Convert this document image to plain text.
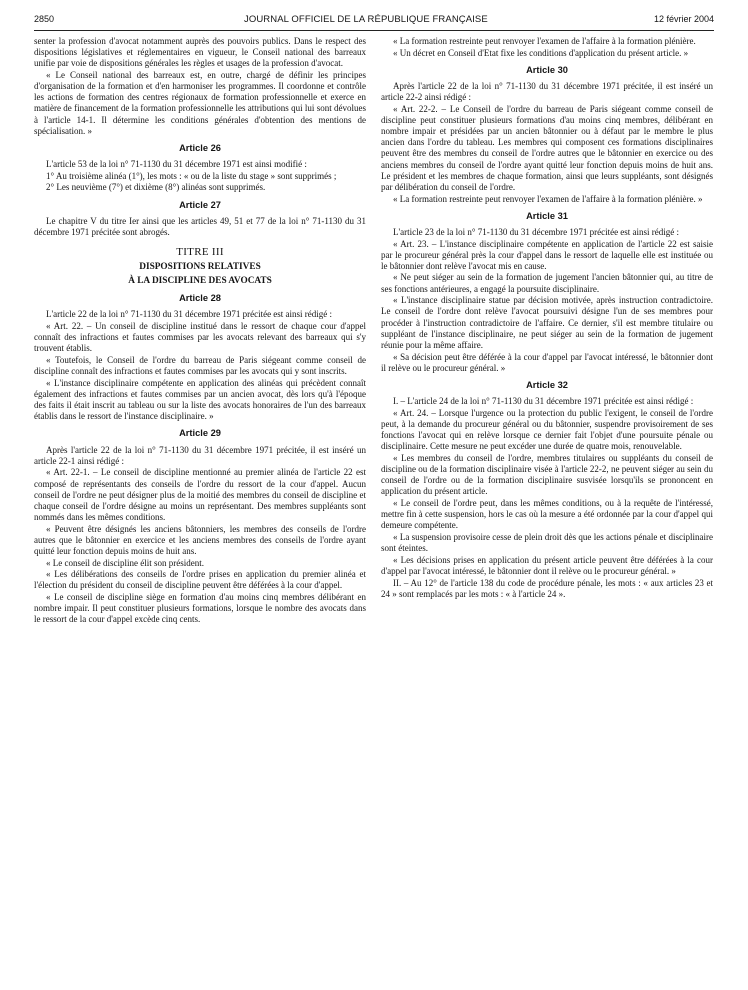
2850	JOURNAL OFFICIEL DE LA RÉPUBLIQUE FRANÇAISE	12 février 2004

senter la profession d'avocat notamment auprès des pouvoirs publics. Dans le respect des dispositions législatives et réglementaires en vigueur, le Conseil national des barreaux unifie par voie de dispositions générales les règles et usages de la profession d'avocat.

« Le Conseil national des barreaux est, en outre, chargé de définir les principes d'organisation de la formation et d'en harmoniser les programmes. Il coordonne et contrôle les actions de formation des centres régionaux de formation professionnelle et exerce en matière de financement de la formation professionnelle les attributions qui lui sont dévolues à l'article 14-1. Il détermine les conditions générales d'obtention des mentions de spécialisation. »

Article 26

L'article 53 de la loi n° 71-1130 du 31 décembre 1971 est ainsi modifié :

1° Au troisième alinéa (1°), les mots : « ou de la liste du stage » sont supprimés ;

2° Les neuvième (7°) et dixième (8°) alinéas sont supprimés.

Article 27

Le chapitre V du titre Ier ainsi que les articles 49, 51 et 77 de la loi n° 71-1130 du 31 décembre 1971 précitée sont abrogés.

TITRE III
DISPOSITIONS RELATIVES
À LA DISCIPLINE DES AVOCATS
Article 28

L'article 22 de la loi n° 71-1130 du 31 décembre 1971 précitée est ainsi rédigé :

« Art. 22. – Un conseil de discipline institué dans le ressort de chaque cour d'appel connaît des infractions et fautes commises par les avocats relevant des barreaux qui s'y trouvent établis.

« Toutefois, le Conseil de l'ordre du barreau de Paris siégeant comme conseil de discipline connaît des infractions et fautes commises par les avocats qui y sont inscrits.

« L'instance disciplinaire compétente en application des alinéas qui précèdent connaît également des infractions et fautes commises par un ancien avocat, dès lors qu'à l'époque des faits il était inscrit au tableau ou sur la liste des avocats honoraires de l'un des barreaux établis dans le ressort de l'instance disciplinaire. »

Article 29

Après l'article 22 de la loi n° 71-1130 du 31 décembre 1971 précitée, il est inséré un article 22-1 ainsi rédigé :

« Art. 22-1. – Le conseil de discipline mentionné au premier alinéa de l'article 22 est composé de représentants des conseils de l'ordre du ressort de la cour d'appel. Aucun conseil de l'ordre ne peut désigner plus de la moitié des membres du conseil de discipline et chaque conseil de l'ordre désigne au moins un représentant. Des membres suppléants sont nommés dans les mêmes conditions.

« Peuvent être désignés les anciens bâtonniers, les membres des conseils de l'ordre autres que le bâtonnier en exercice et les anciens membres des conseils de l'ordre ayant quitté leur fonction depuis moins de huit ans.

« Le conseil de discipline élit son président.

« Les délibérations des conseils de l'ordre prises en application du premier alinéa et l'élection du président du conseil de discipline peuvent être déférées à la cour d'appel.

« Le conseil de discipline siège en formation d'au moins cinq membres délibérant en nombre impair. Il peut constituer plusieurs formations, lorsque le nombre des avocats dans le ressort de la cour d'appel excède cinq cents.

« La formation restreinte peut renvoyer l'examen de l'affaire à la formation plénière.

« Un décret en Conseil d'Etat fixe les conditions d'application du présent article. »

Article 30

Après l'article 22 de la loi n° 71-1130 du 31 décembre 1971 précitée, il est inséré un article 22-2 ainsi rédigé :

« Art. 22-2. – Le Conseil de l'ordre du barreau de Paris siégeant comme conseil de discipline peut constituer plusieurs formations d'au moins cinq membres, délibérant en nombre impair et présidées par un ancien bâtonnier ou à défaut par le membre le plus ancien dans l'ordre du tableau. Les membres qui composent ces formations disciplinaires peuvent être des membres du conseil de l'ordre autres que le bâtonnier en exercice ou des anciens membres du conseil de l'ordre ayant quitté leur fonction depuis moins de huit ans. Le président et les membres de chaque formation, ainsi que leurs suppléants, sont désignés par délibération du conseil de l'ordre.

« La formation restreinte peut renvoyer l'examen de l'affaire à la formation plénière. »

Article 31

L'article 23 de la loi n° 71-1130 du 31 décembre 1971 précitée est ainsi rédigé :

« Art. 23. – L'instance disciplinaire compétente en application de l'article 22 est saisie par le procureur général près la cour d'appel dans le ressort de laquelle elle est instituée ou le bâtonnier dont relève l'avocat mis en cause.

« Ne peut siéger au sein de la formation de jugement l'ancien bâtonnier qui, au titre de ses fonctions antérieures, a engagé la poursuite disciplinaire.

« L'instance disciplinaire statue par décision motivée, après instruction contradictoire. Le conseil de l'ordre dont relève l'avocat poursuivi désigne l'un de ses membres pour procéder à l'instruction contradictoire de l'affaire. Ce dernier, s'il est membre titulaire ou suppléant de l'instance disciplinaire, ne peut siéger au sein de la formation de jugement réunie pour la même affaire.

« Sa décision peut être déférée à la cour d'appel par l'avocat intéressé, le bâtonnier dont il relève ou le procureur général. »

Article 32

I. – L'article 24 de la loi n° 71-1130 du 31 décembre 1971 précitée est ainsi rédigé :

« Art. 24. – Lorsque l'urgence ou la protection du public l'exigent, le conseil de l'ordre peut, à la demande du procureur général ou du bâtonnier, suspendre provisoirement de ses fonctions l'avocat qui en relève lorsque ce dernier fait l'objet d'une poursuite pénale ou disciplinaire. Cette mesure ne peut excéder une durée de quatre mois, renouvelable.

« Les membres du conseil de l'ordre, membres titulaires ou suppléants du conseil de discipline ou de la formation disciplinaire visée à l'article 22-2, ne peuvent siéger au sein du conseil de l'ordre ou de la formation disciplinaire susvisée lorsqu'ils se prononcent en application du présent article.

« Le conseil de l'ordre peut, dans les mêmes conditions, ou à la requête de l'intéressé, mettre fin à cette suspension, hors le cas où la mesure a été ordonnée par la cour d'appel qui demeure compétente.

« La suspension provisoire cesse de plein droit dès que les actions pénale et disciplinaire sont éteintes.

« Les décisions prises en application du présent article peuvent être déférées à la cour d'appel par l'avocat intéressé, le bâtonnier dont il relève ou le procureur général. »

II. – Au 12° de l'article 138 du code de procédure pénale, les mots : « aux articles 23 et 24 » sont remplacés par les mots : « à l'article 24 ».
